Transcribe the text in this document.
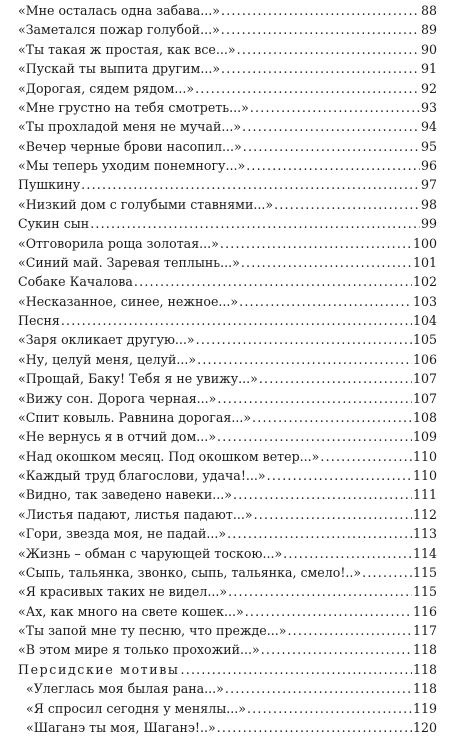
«Мне осталась одна забава...» . . .	88
«Заметался пожар голубой...» . . .	89
«Ты такая ж простая, как все...» . . .	90
«Пускай ты выпита другим...» . . .	91
«Дорогая, сядем рядом...» . . .	92
«Мне грустно на тебя смотреть...» . . .	93
«Ты прохладой меня не мучай...» . . .	94
«Вечер черные брови насопил...» . . .	95
«Мы теперь уходим понемногу...» . . .	96
Пушкину . . .	97
«Низкий дом с голубыми ставнями...» . . .	98
Сукин сын . . .	99
«Отговорила роща золотая...» . . .	100
«Синий май. Заревая теплынь...» . . .	101
Собаке Качалова . . .	102
«Несказанное, синее, нежное...» . . .	103
Песня . . .	104
«Заря окликает другую...» . . .	105
«Ну, целуй меня, целуй...» . . .	106
«Прощай, Баку! Тебя я не увижу...» . . .	107
«Вижу сон. Дорога черная...» . . .	107
«Спит ковыль. Равнина дорогая...» . . .	108
«Не вернусь я в отчий дом...» . . .	109
«Над окошком месяц. Под окошком ветер...» . . .	110
«Каждый труд благослови, удача!...» . . .	110
«Видно, так заведено навеки...» . . .	111
«Листья падают, листья падают...» . . .	112
«Гори, звезда моя, не падай...» . . .	113
«Жизнь – обман с чарующей тоскою...» . . .	114
«Сыпь, тальянка, звонко, сыпь, тальянка, смело!..» . . .	115
«Я красивых таких не видел...» . . .	115
«Ах, как много на свете кошек...» . . .	116
«Ты запой мне ту песню, что прежде...» . . .	117
«В этом мире я только прохожий...» . . .	118
Персидские мотивы . . .	118
«Улеглась моя былая рана...» . . .	118
«Я спросил сегодня у менялы...» . . .	119
«Шаганэ ты моя, Шаганэ!..» . . .	120
